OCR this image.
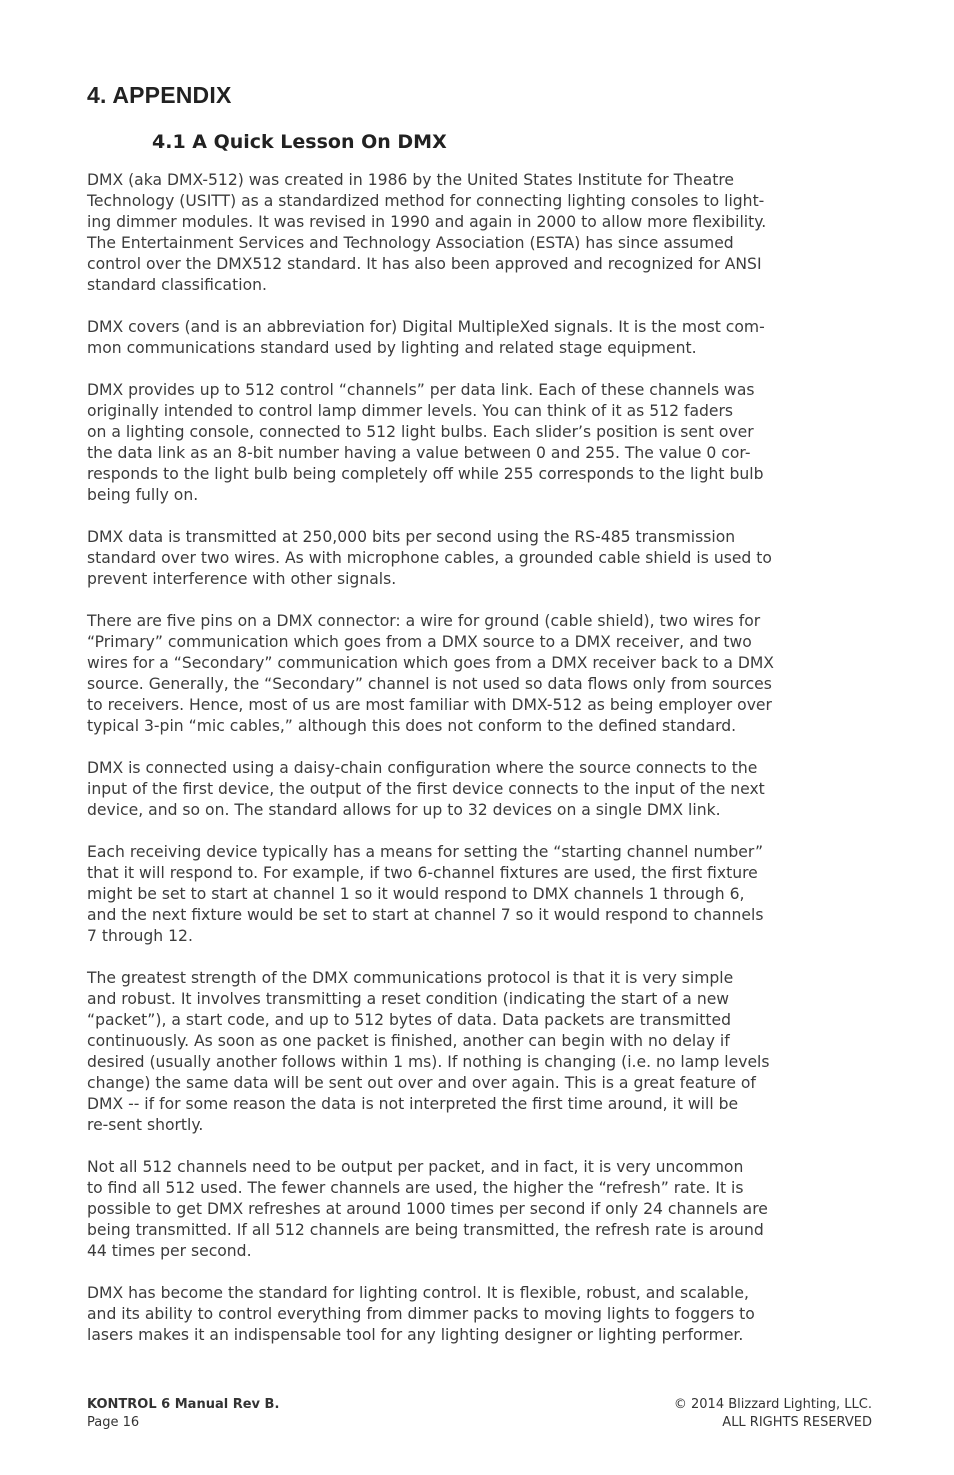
4. APPENDIX
4.1 A Quick Lesson On DMX

DMX (aka DMX-512) was created in 1986 by the United States Institute for Theatre
Technology (USITT) as a standardized method for connecting lighting consoles to light-
ing dimmer modules. It was revised in 1990 and again in 2000 to allow more flexibility.
The Entertainment Services and Technology Association (ESTA) has since assumed
control over the DMX512 standard. It has also been approved and recognized for ANSI
standard classification.

DMX covers (and is an abbreviation for) Digital MultipleXed signals. It is the most com-
mon communications standard used by lighting and related stage equipment.

DMX provides up to 512 control “channels” per data link. Each of these channels was
originally intended to control lamp dimmer levels. You can think of it as 512 faders
on a lighting console, connected to 512 light bulbs. Each slider’s position is sent over
the data link as an 8-bit number having a value between 0 and 255. The value 0 cor-
responds to the light bulb being completely off while 255 corresponds to the light bulb
being fully on.

DMX data is transmitted at 250,000 bits per second using the RS-485 transmission
standard over two wires. As with microphone cables, a grounded cable shield is used to
prevent interference with other signals.

There are five pins on a DMX connector: a wire for ground (cable shield), two wires for
“Primary” communication which goes from a DMX source to a DMX receiver, and two
wires for a “Secondary” communication which goes from a DMX receiver back to a DMX
source. Generally, the “Secondary” channel is not used so data flows only from sources
to receivers. Hence, most of us are most familiar with DMX-512 as being employer over
typical 3-pin “mic cables,” although this does not conform to the defined standard.

DMX is connected using a daisy-chain configuration where the source connects to the
input of the first device, the output of the first device connects to the input of the next
device, and so on. The standard allows for up to 32 devices on a single DMX link.

Each receiving device typically has a means for setting the “starting channel number”
that it will respond to. For example, if two 6-channel fixtures are used, the first fixture
might be set to start at channel 1 so it would respond to DMX channels 1 through 6,
and the next fixture would be set to start at channel 7 so it would respond to channels
7 through 12.

The greatest strength of the DMX communications protocol is that it is very simple
and robust. It involves transmitting a reset condition (indicating the start of a new
“packet”), a start code, and up to 512 bytes of data. Data packets are transmitted
continuously. As soon as one packet is finished, another can begin with no delay if
desired (usually another follows within 1 ms). If nothing is changing (i.e. no lamp levels
change) the same data will be sent out over and over again. This is a great feature of
DMX -- if for some reason the data is not interpreted the first time around, it will be
re-sent shortly.

Not all 512 channels need to be output per packet, and in fact, it is very uncommon
to find all 512 used. The fewer channels are used, the higher the “refresh” rate. It is
possible to get DMX refreshes at around 1000 times per second if only 24 channels are
being transmitted. If all 512 channels are being transmitted, the refresh rate is around
44 times per second.

DMX has become the standard for lighting control. It is flexible, robust, and scalable,
and its ability to control everything from dimmer packs to moving lights to foggers to
lasers makes it an indispensable tool for any lighting designer or lighting performer.

KONTROL 6 Manual Rev B.
Page 16
© 2014 Blizzard Lighting, LLC.
ALL RIGHTS RESERVED
